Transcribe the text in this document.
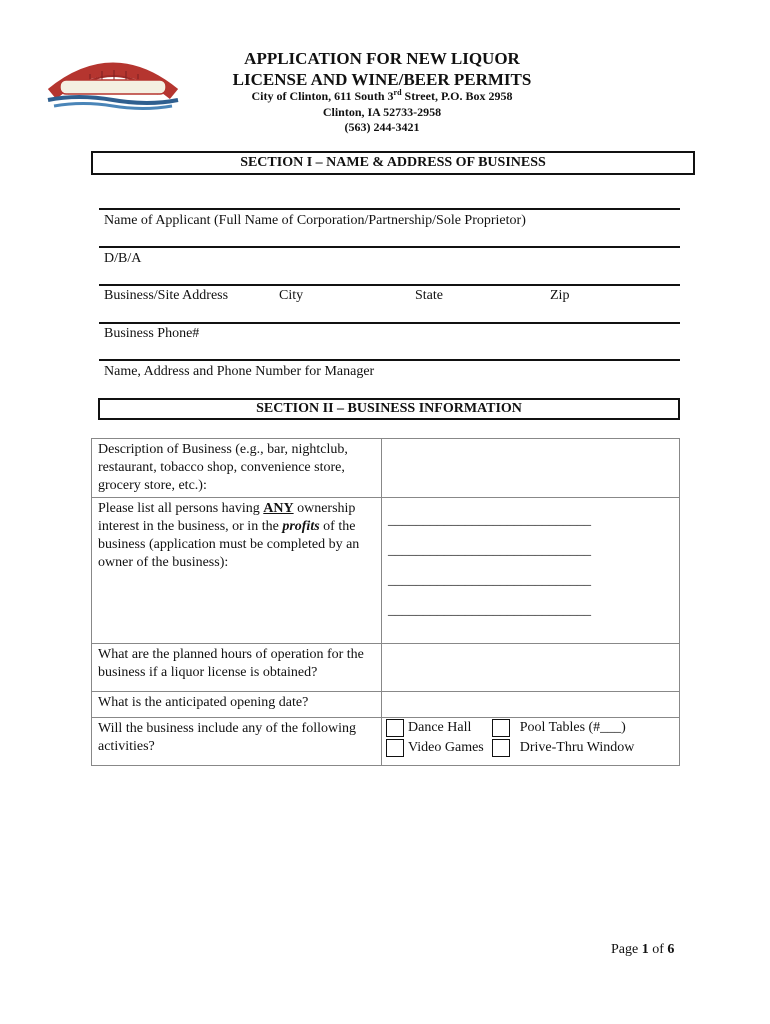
APPLICATION FOR NEW LIQUOR
LICENSE AND WINE/BEER PERMITS
City of Clinton, 611 South 3rd Street, P.O. Box 2958
Clinton, IA 52733-2958
(563) 244-3421
SECTION I – NAME & ADDRESS OF BUSINESS
Name of Applicant (Full Name of Corporation/Partnership/Sole Proprietor)
D/B/A
Business/Site Address	City	State	Zip
Business Phone#
Name, Address and Phone Number for Manager
SECTION II – BUSINESS INFORMATION
Description of Business (e.g., bar, nightclub, restaurant, tobacco shop, convenience store, grocery store, etc.):	
Please list all persons having ANY ownership interest in the business, or in the profits of the business (application must be completed by an owner of the business):	_____________________________
_____________________________
_____________________________
_____________________________

What are the planned hours of operation for the business if a liquor license is obtained?	
What is the anticipated opening date?	
Will the business include any of the following activities?	Dance Hall
Video Games
Pool Tables (#___)
Drive-Thru Window
Page 1 of 6
